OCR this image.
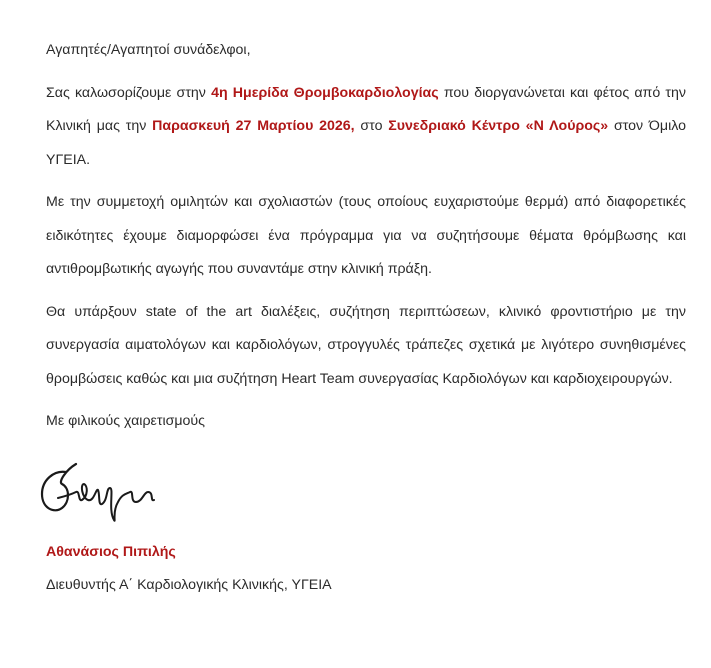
Αγαπητές/Αγαπητοί συνάδελφοι,

Σας καλωσορίζουμε στην 4η Ημερίδα Θρομβοκαρδιολογίας που διοργανώνεται και φέτος από την Κλινική μας την Παρασκευή 27 Μαρτίου 2026, στο Συνεδριακό Κέντρο «Ν Λούρος» στον Όμιλο ΥΓΕΙΑ.

Με την συμμετοχή ομιλητών και σχολιαστών (τους οποίους ευχαριστούμε θερμά) από διαφορετικές ειδικότητες έχουμε διαμορφώσει ένα πρόγραμμα για να συζητήσουμε θέματα θρόμβωσης και αντιθρομβωτικής αγωγής που συναντάμε στην κλινική πράξη.

Θα υπάρξουν state of the art διαλέξεις, συζήτηση περιπτώσεων, κλινικό φροντιστήριο με την συνεργασία αιματολόγων και καρδιολόγων, στρογγυλές τράπεζες σχετικά με λιγότερο συνηθισμένες θρομβώσεις καθώς και μια συζήτηση Heart Team συνεργασίας Καρδιολόγων και καρδιοχειρουργών.

Με φιλικούς χαιρετισμούς

Αθανάσιος Πιπιλής
Διευθυντής Α΄ Καρδιολογικής Κλινικής, ΥΓΕΙΑ
